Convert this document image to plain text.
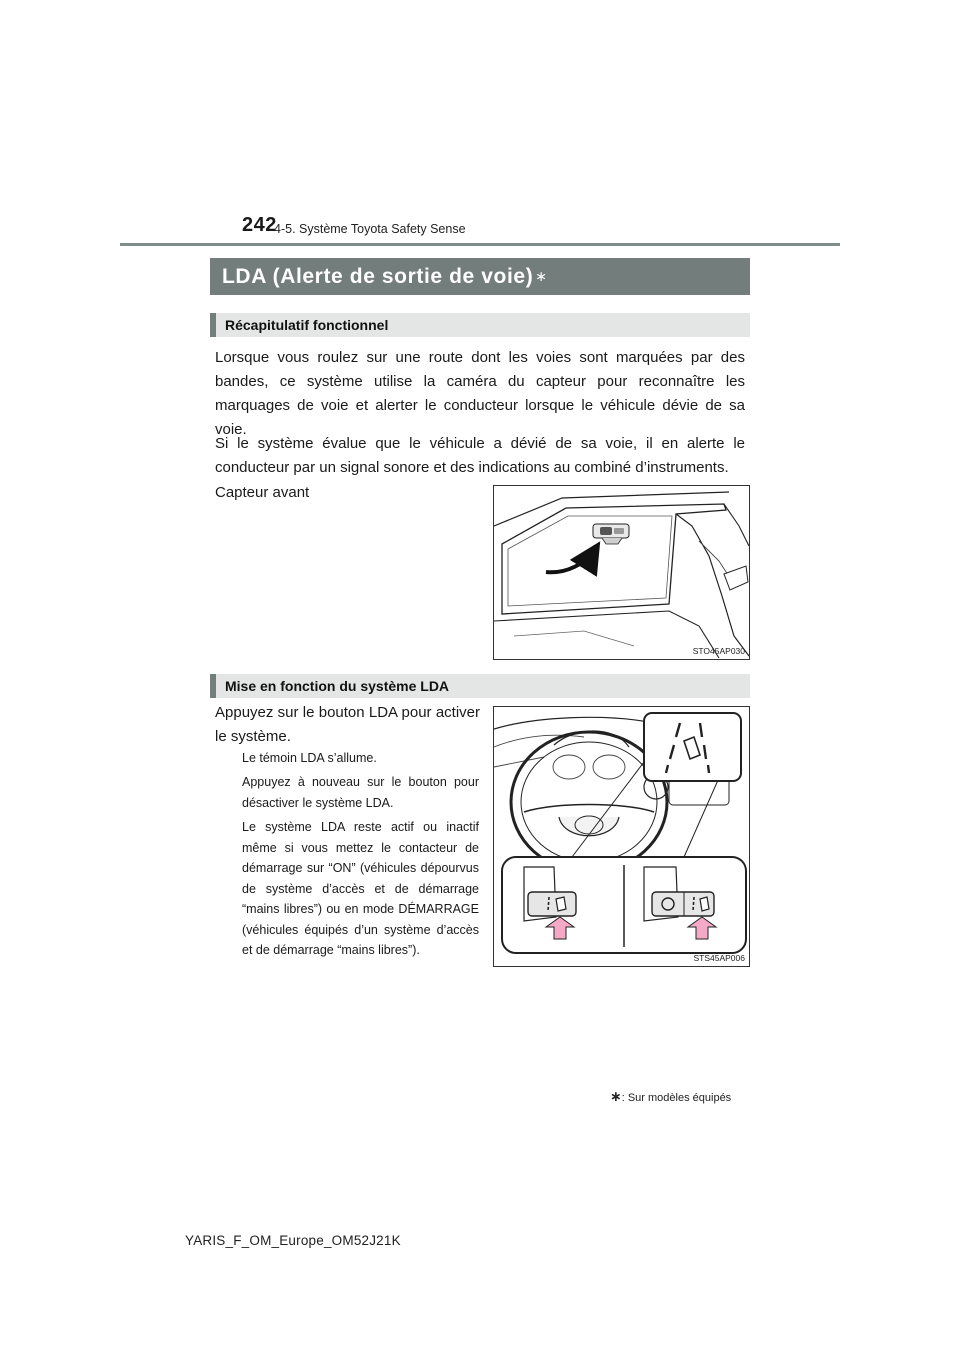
242
4-5. Système Toyota Safety Sense
LDA (Alerte de sortie de voie) ∗
Récapitulatif fonctionnel
Lorsque vous roulez sur une route dont les voies sont marquées par des bandes, ce système utilise la caméra du capteur pour reconnaître les marquages de voie et alerter le conducteur lorsque le véhicule dévie de sa voie.
Si le système évalue que le véhicule a dévié de sa voie, il en alerte le conducteur par un signal sonore et des indications au combiné d’instruments.
Capteur avant
STO45AP030
Mise en fonction du système LDA
Appuyez sur le bouton LDA pour activer le système.
Le témoin LDA s’allume.
Appuyez à nouveau sur le bouton pour désactiver le système LDA.
Le système LDA reste actif ou inactif même si vous mettez le contacteur de démarrage sur “ON” (véhicules dépourvus de système d’accès et de démarrage “mains libres”) ou en mode DÉMARRAGE (véhicules équipés d’un système d’accès et de démarrage “mains libres”).
STS45AP006
∗: Sur modèles équipés
YARIS_F_OM_Europe_OM52J21K
